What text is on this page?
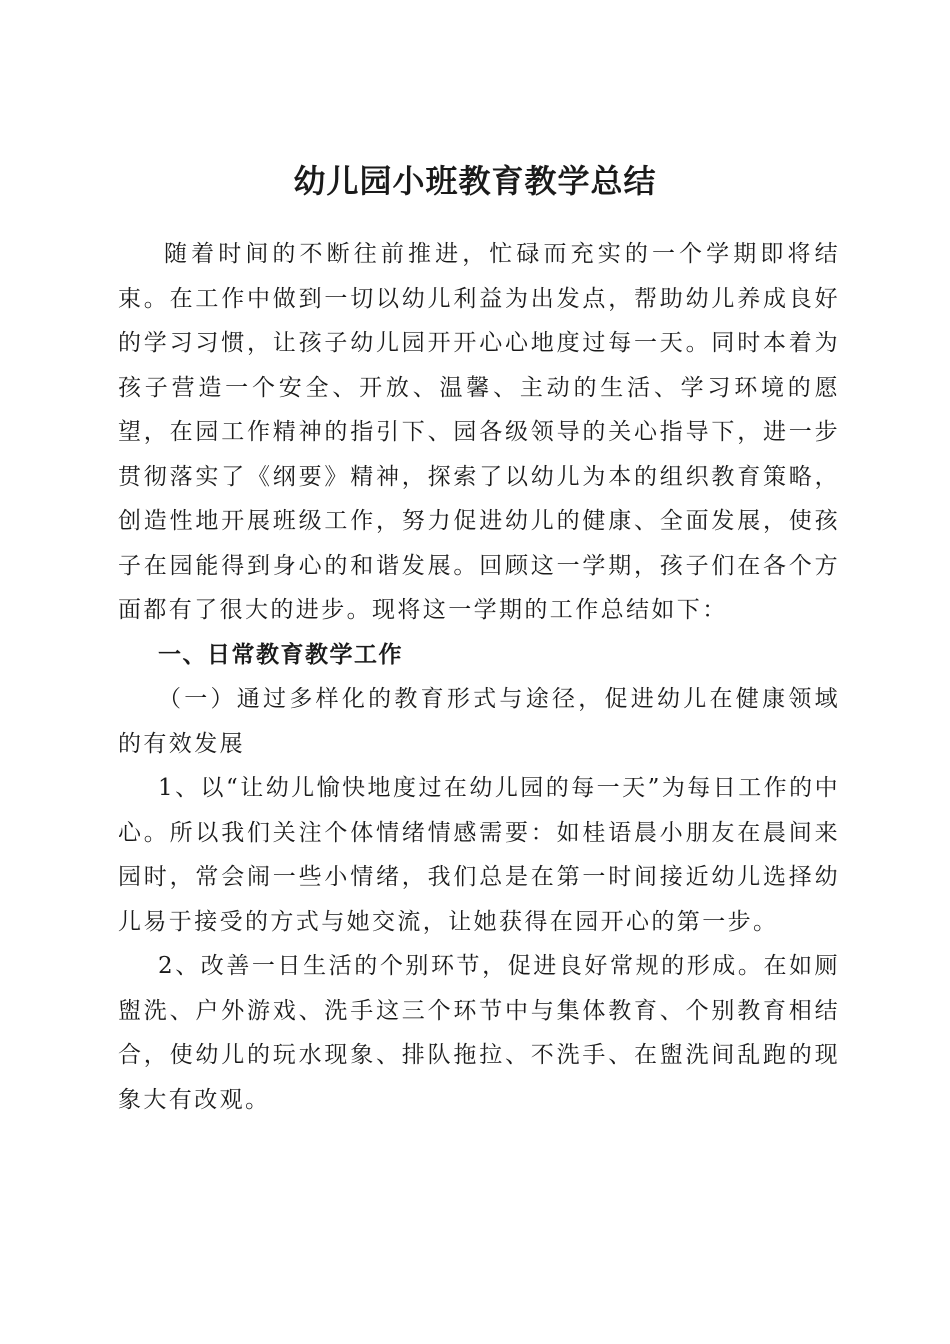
幼儿园小班教育教学总结

随着时间的不断往前推进，忙碌而充实的一个学期即将结束。在工作中做到一切以幼儿利益为出发点，帮助幼儿养成良好的学习习惯，让孩子幼儿园开开心心地度过每一天。同时本着为孩子营造一个安全、开放、温馨、主动的生活、学习环境的愿望，在园工作精神的指引下、园各级领导的关心指导下，进一步贯彻落实了《纲要》精神，探索了以幼儿为本的组织教育策略，创造性地开展班级工作，努力促进幼儿的健康、全面发展，使孩子在园能得到身心的和谐发展。回顾这一学期，孩子们在各个方面都有了很大的进步。现将这一学期的工作总结如下：

一、日常教育教学工作

（一）通过多样化的教育形式与途径，促进幼儿在健康领域的有效发展

1、以“让幼儿愉快地度过在幼儿园的每一天”为每日工作的中心。所以我们关注个体情绪情感需要：如桂语晨小朋友在晨间来园时，常会闹一些小情绪，我们总是在第一时间接近幼儿选择幼儿易于接受的方式与她交流，让她获得在园开心的第一步。

2、改善一日生活的个别环节，促进良好常规的形成。在如厕盥洗、户外游戏、洗手这三个环节中与集体教育、个别教育相结合，使幼儿的玩水现象、排队拖拉、不洗手、在盥洗间乱跑的现象大有改观。
